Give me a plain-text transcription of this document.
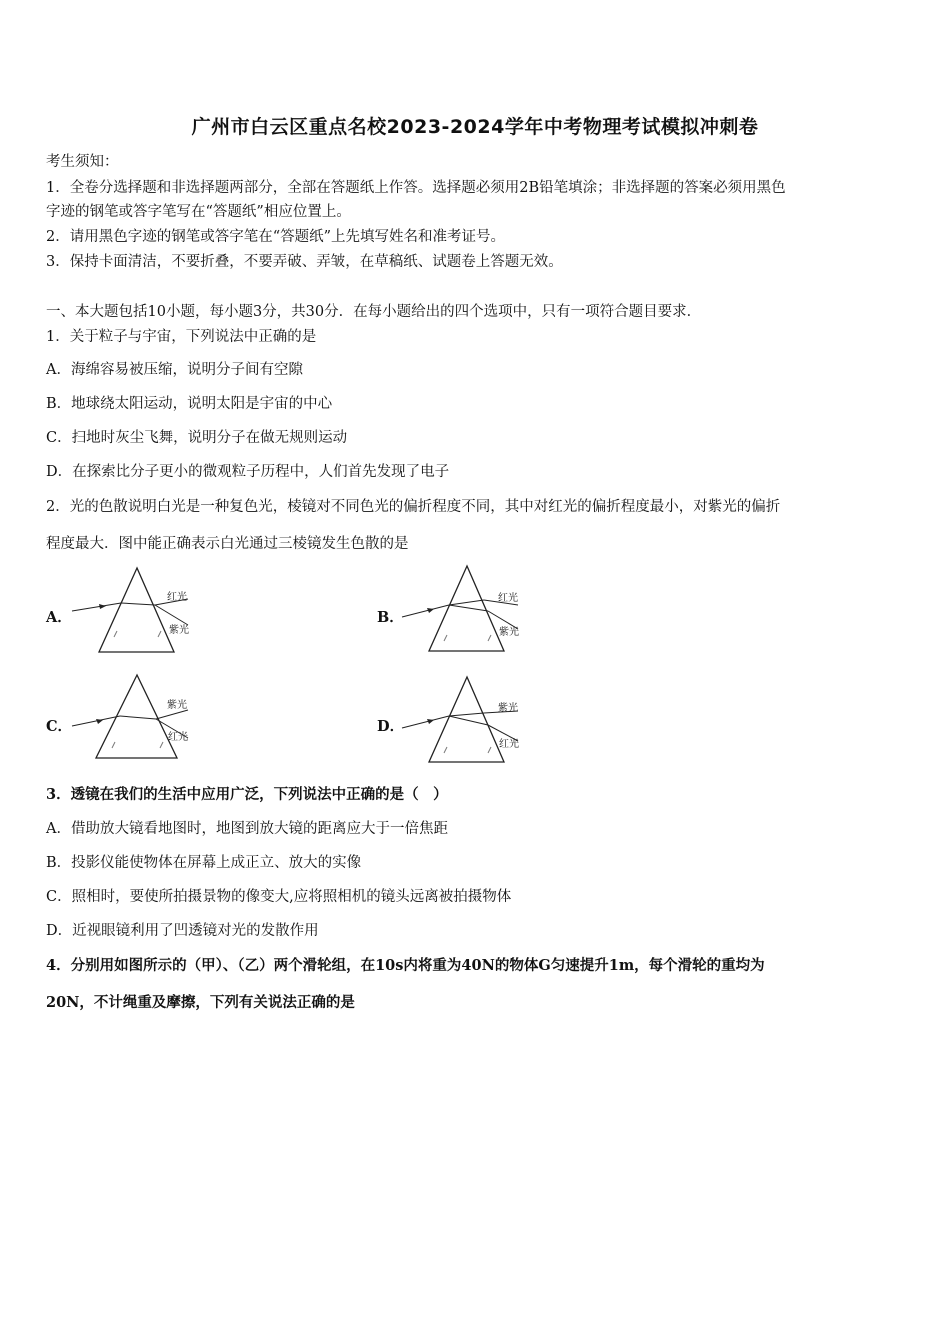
广州市白云区重点名校2023-2024学年中考物理考试模拟冲刺卷
考生须知：
1．全卷分选择题和非选择题两部分，全部在答题纸上作答。选择题必须用2B铅笔填涂；非选择题的答案必须用黑色
字迹的钢笔或答字笔写在“答题纸”相应位置上。
2．请用黑色字迹的钢笔或答字笔在“答题纸”上先填写姓名和准考证号。
3．保持卡面清洁，不要折叠，不要弄破、弄皱，在草稿纸、试题卷上答题无效。
一、本大题包括10小题，每小题3分，共30分．在每小题给出的四个选项中，只有一项符合题目要求．
1．关于粒子与宇宙，下列说法中正确的是
A．海绵容易被压缩，说明分子间有空隙
B．地球绕太阳运动，说明太阳是宇宙的中心
C．扫地时灰尘飞舞，说明分子在做无规则运动
D．在探索比分子更小的微观粒子历程中，人们首先发现了电子
2．光的色散说明白光是一种复色光，棱镜对不同色光的偏折程度不同，其中对红光的偏折程度最小，对紫光的偏折
程度最大．图中能正确表示白光通过三棱镜发生色散的是
A．
红光
紫光
B．
红光
紫光
C．
紫光
红光
D．
紫光
红光
3．透镜在我们的生活中应用广泛，下列说法中正确的是（　）
A．借助放大镜看地图时，地图到放大镜的距离应大于一倍焦距
B．投影仪能使物体在屏幕上成正立、放大的实像
C．照相时，要使所拍摄景物的像变大,应将照相机的镜头远离被拍摄物体
D．近视眼镜利用了凹透镜对光的发散作用
4．分别用如图所示的（甲）、（乙）两个滑轮组，在10s内将重为40N的物体G匀速提升1m，每个滑轮的重均为
20N，不计绳重及摩擦，下列有关说法正确的是
